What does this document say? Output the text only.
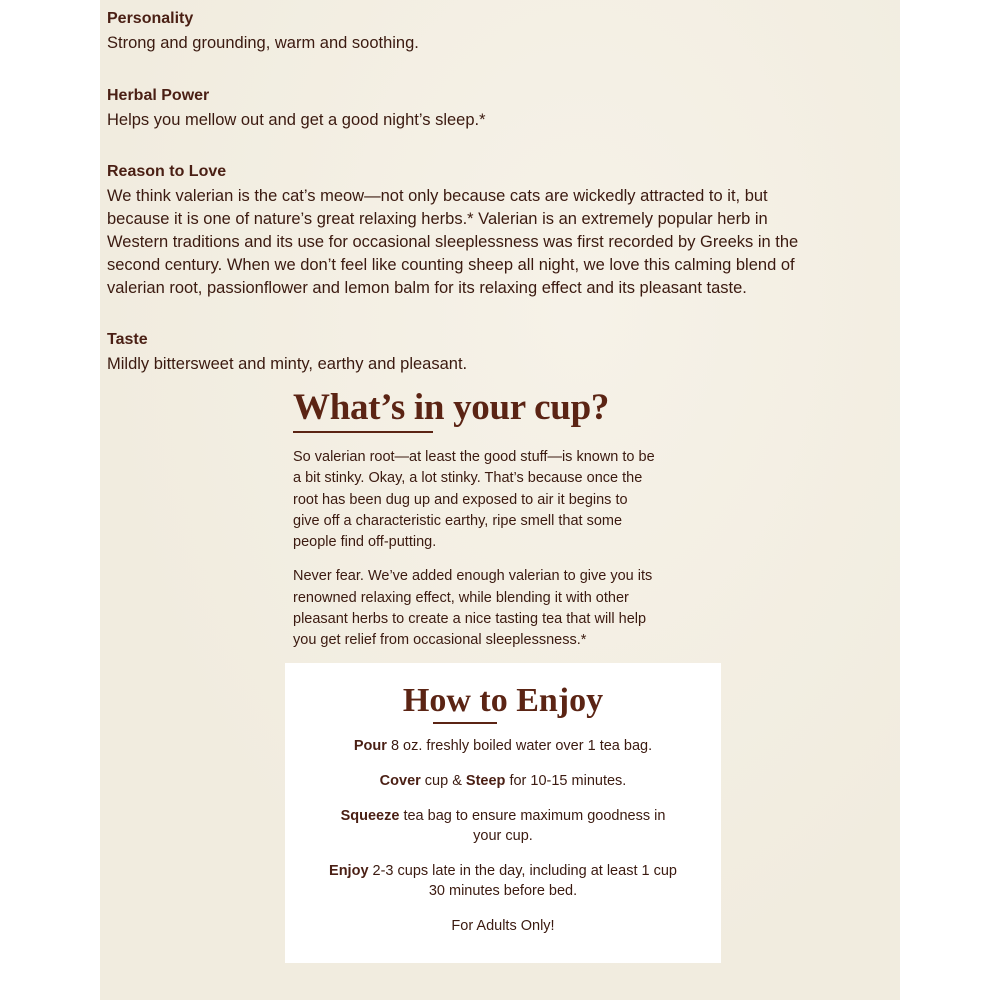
Personality

Strong and grounding, warm and soothing.

Herbal Power

Helps you mellow out and get a good night’s sleep.*

Reason to Love

We think valerian is the cat’s meow—not only because cats are wickedly attracted to it, but
because it is one of nature’s great relaxing herbs.* Valerian is an extremely popular herb in
Western traditions and its use for occasional sleeplessness was first recorded by Greeks in the
second century. When we don’t feel like counting sheep all night, we love this calming blend of
valerian root, passionflower and lemon balm for its relaxing effect and its pleasant taste.

Taste

Mildly bittersweet and minty, earthy and pleasant.

What’s in your cup?
So valerian root—at least the good stuff—is known to be
a bit stinky. Okay, a lot stinky. That’s because once the
root has been dug up and exposed to air it begins to
give off a characteristic earthy, ripe smell that some
people find off-putting.
Never fear. We’ve added enough valerian to give you its
renowned relaxing effect, while blending it with other
pleasant herbs to create a nice tasting tea that will help
you get relief from occasional sleeplessness.*
How to Enjoy

Pour 8 oz. freshly boiled water over 1 tea bag.

Cover cup & Steep for 10-15 minutes.

Squeeze tea bag to ensure maximum goodness in
your cup.

Enjoy 2-3 cups late in the day, including at least 1 cup
30 minutes before bed.

For Adults Only!
